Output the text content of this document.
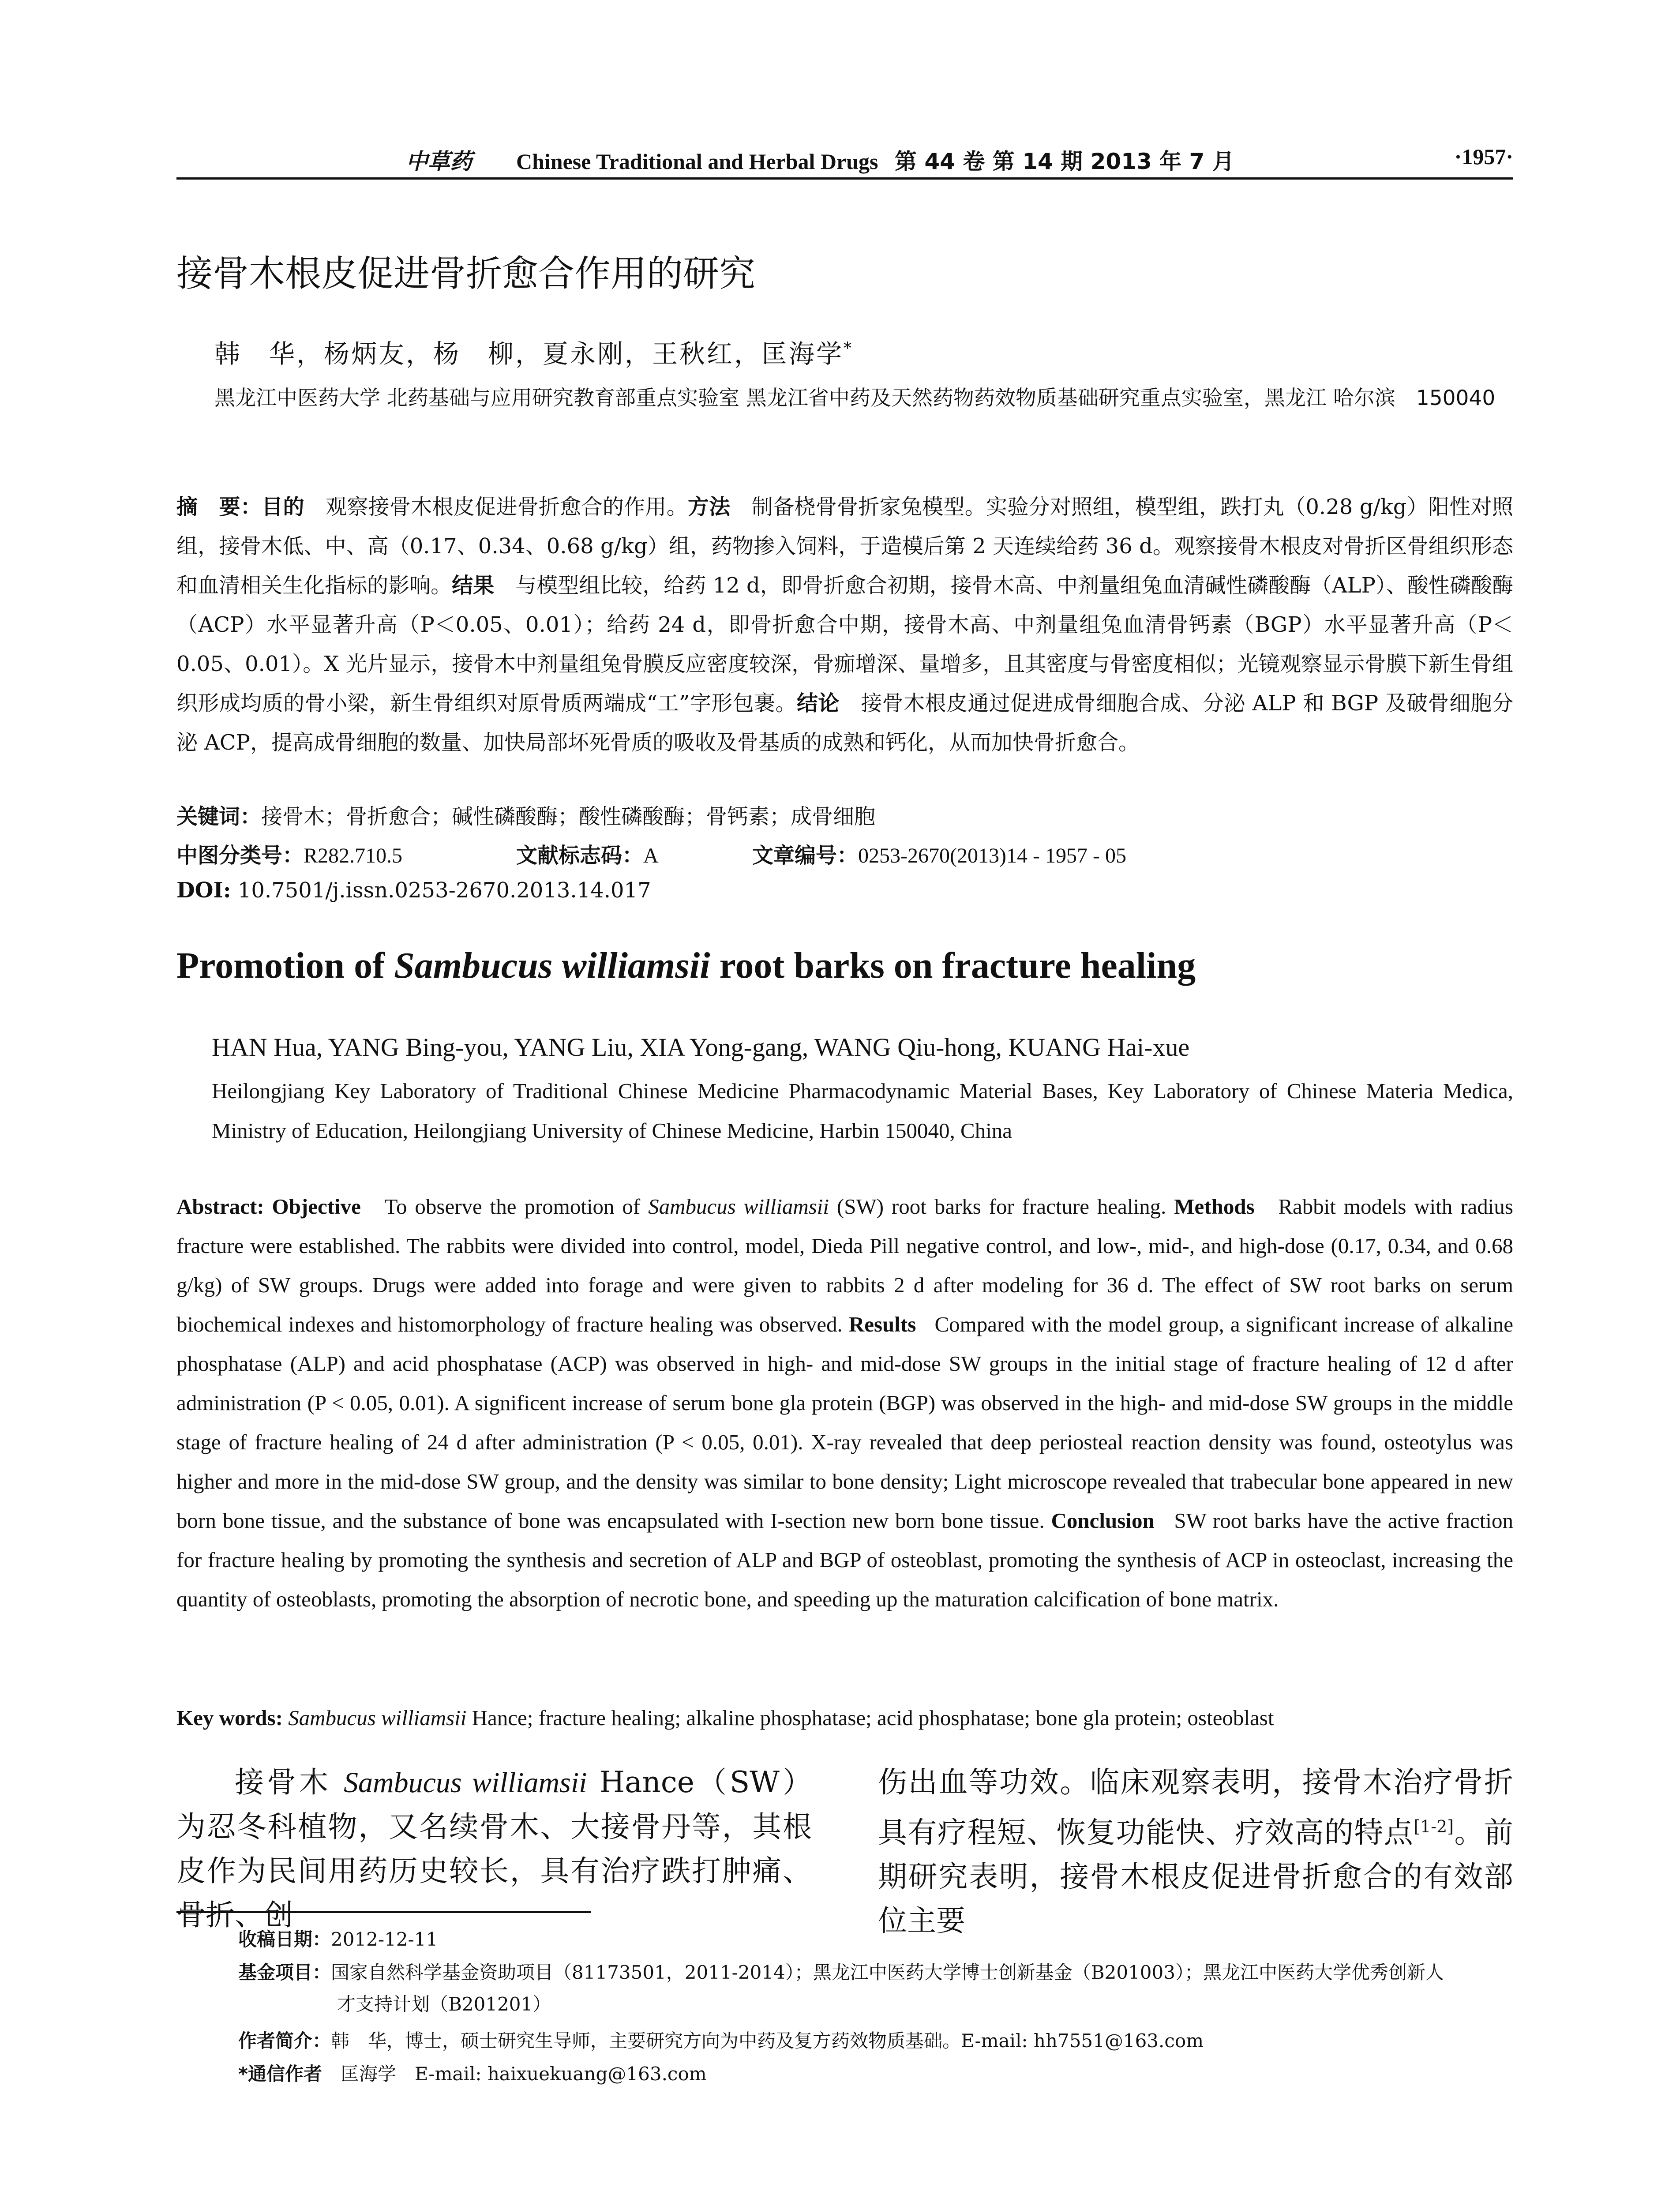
中草药 Chinese Traditional and Herbal Drugs 第 44 卷 第 14 期 2013 年 7 月	·1957·
接骨木根皮促进骨折愈合作用的研究
韩　华，杨炳友，杨　柳，夏永刚，王秋红，匡海学*
黑龙江中医药大学 北药基础与应用研究教育部重点实验室 黑龙江省中药及天然药物药效物质基础研究重点实验室，黑龙江 哈尔滨　150040
摘　要：目的　观察接骨木根皮促进骨折愈合的作用。方法　制备桡骨骨折家兔模型。实验分对照组，模型组，跌打丸（0.28 g/kg）阳性对照组，接骨木低、中、高（0.17、0.34、0.68 g/kg）组，药物掺入饲料，于造模后第 2 天连续给药 36 d。观察接骨木根皮对骨折区骨组织形态和血清相关生化指标的影响。结果　与模型组比较，给药 12 d，即骨折愈合初期，接骨木高、中剂量组兔血清碱性磷酸酶（ALP）、酸性磷酸酶（ACP）水平显著升高（P＜0.05、0.01）；给药 24 d，即骨折愈合中期，接骨木高、中剂量组兔血清骨钙素（BGP）水平显著升高（P＜0.05、0.01）。X 光片显示，接骨木中剂量组兔骨膜反应密度较深，骨痂增深、量增多，且其密度与骨密度相似；光镜观察显示骨膜下新生骨组织形成均质的骨小梁，新生骨组织对原骨质两端成“工”字形包裹。结论　接骨木根皮通过促进成骨细胞合成、分泌 ALP 和 BGP 及破骨细胞分泌 ACP，提高成骨细胞的数量、加快局部坏死骨质的吸收及骨基质的成熟和钙化，从而加快骨折愈合。
关键词：接骨木；骨折愈合；碱性磷酸酶；酸性磷酸酶；骨钙素；成骨细胞
中图分类号：R282.710.5	文献标志码：A	文章编号：0253-2670(2013)14 - 1957 - 05
DOI: 10.7501/j.issn.0253-2670.2013.14.017
Promotion of Sambucus williamsii root barks on fracture healing
HAN Hua, YANG Bing-you, YANG Liu, XIA Yong-gang, WANG Qiu-hong, KUANG Hai-xue
Heilongjiang Key Laboratory of Traditional Chinese Medicine Pharmacodynamic Material Bases, Key Laboratory of Chinese Materia Medica, Ministry of Education, Heilongjiang University of Chinese Medicine, Harbin 150040, China
Abstract: Objective To observe the promotion of Sambucus williamsii (SW) root barks for fracture healing. Methods Rabbit models with radius fracture were established. The rabbits were divided into control, model, Dieda Pill negative control, and low-, mid-, and high-dose (0.17, 0.34, and 0.68 g/kg) of SW groups. Drugs were added into forage and were given to rabbits 2 d after modeling for 36 d. The effect of SW root barks on serum biochemical indexes and histomorphology of fracture healing was observed. Results Compared with the model group, a significant increase of alkaline phosphatase (ALP) and acid phosphatase (ACP) was observed in high- and mid-dose SW groups in the initial stage of fracture healing of 12 d after administration (P < 0.05, 0.01). A significent increase of serum bone gla protein (BGP) was observed in the high- and mid-dose SW groups in the middle stage of fracture healing of 24 d after administration (P < 0.05, 0.01). X-ray revealed that deep periosteal reaction density was found, osteotylus was higher and more in the mid-dose SW group, and the density was similar to bone density; Light microscope revealed that trabecular bone appeared in new born bone tissue, and the substance of bone was encapsulated with I-section new born bone tissue. Conclusion SW root barks have the active fraction for fracture healing by promoting the synthesis and secretion of ALP and BGP of osteoblast, promoting the synthesis of ACP in osteoclast, increasing the quantity of osteoblasts, promoting the absorption of necrotic bone, and speeding up the maturation calcification of bone matrix.
Key words: Sambucus williamsii Hance; fracture healing; alkaline phosphatase; acid phosphatase; bone gla protein; osteoblast
接骨木 Sambucus williamsii Hance（SW）为忍冬科植物，又名续骨木、大接骨丹等，其根皮作为民间用药历史较长，具有治疗跌打肿痛、骨折、创
伤出血等功效。临床观察表明，接骨木治疗骨折具有疗程短、恢复功能快、疗效高的特点[1-2]。前期研究表明，接骨木根皮促进骨折愈合的有效部位主要
收稿日期：2012-12-11
基金项目：国家自然科学基金资助项目（81173501，2011-2014）；黑龙江中医药大学博士创新基金（B201003）；黑龙江中医药大学优秀创新人
才支持计划（B201201）
作者简介：韩　华，博士，硕士研究生导师，主要研究方向为中药及复方药效物质基础。E-mail: hh7551@163.com
*通信作者　匡海学　E-mail: haixuekuang@163.com
